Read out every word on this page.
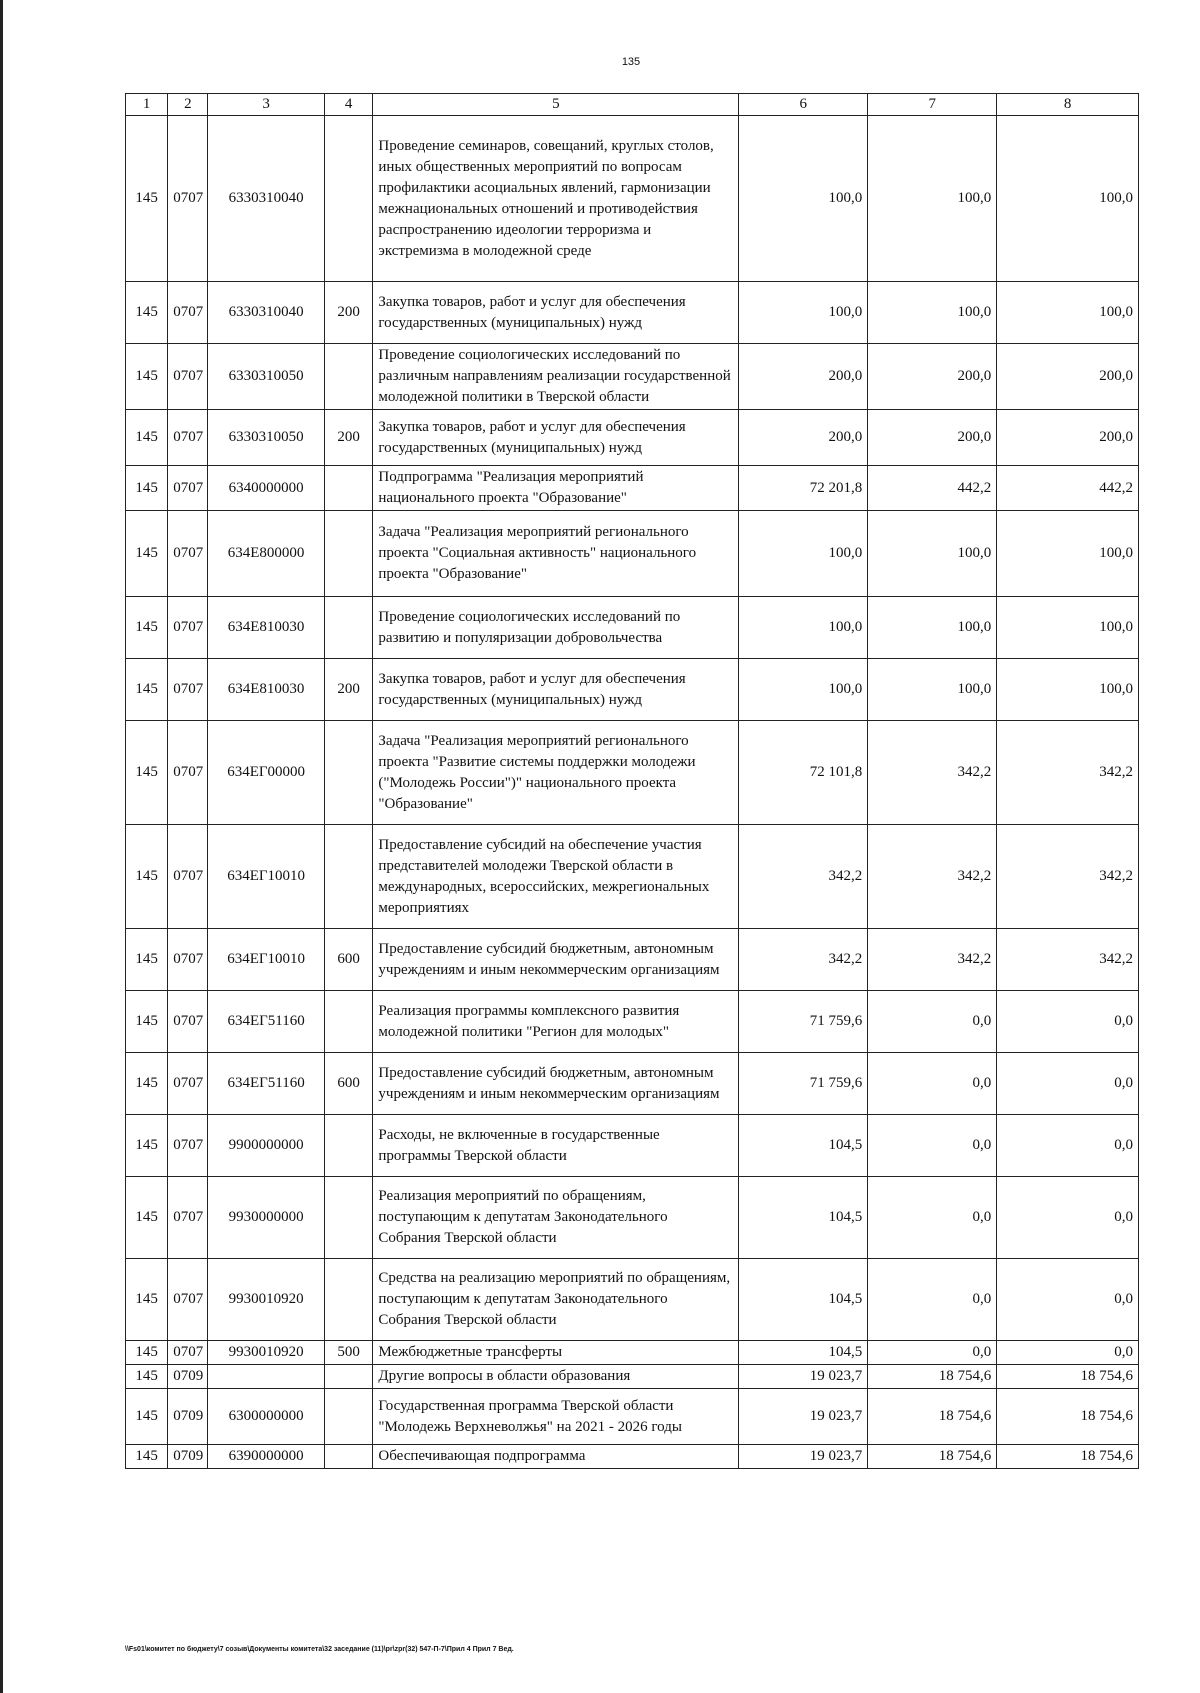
135
1	2	3	4	5	6	7	8
145	0707	6330310040		Проведение семинаров, совещаний, круглых столов, иных общественных мероприятий по вопросам профилактики асоциальных явлений, гармонизации межнациональных отношений и противодействия распространению идеологии терроризма и экстремизма в молодежной среде	100,0	100,0	100,0
145	0707	6330310040	200	Закупка товаров, работ и услуг для обеспечения государственных (муниципальных) нужд	100,0	100,0	100,0
145	0707	6330310050		Проведение социологических исследований по различным направлениям реализации государственной молодежной политики в Тверской области	200,0	200,0	200,0
145	0707	6330310050	200	Закупка товаров, работ и услуг для обеспечения государственных (муниципальных) нужд	200,0	200,0	200,0
145	0707	6340000000		Подпрограмма "Реализация мероприятий национального проекта "Образование"	72 201,8	442,2	442,2
145	0707	634Е800000		Задача "Реализация мероприятий регионального проекта "Социальная активность" национального проекта "Образование"	100,0	100,0	100,0
145	0707	634Е810030		Проведение социологических исследований по развитию и популяризации добровольчества	100,0	100,0	100,0
145	0707	634Е810030	200	Закупка товаров, работ и услуг для обеспечения государственных (муниципальных) нужд	100,0	100,0	100,0
145	0707	634ЕГ00000		Задача "Реализация мероприятий регионального проекта "Развитие системы поддержки молодежи ("Молодежь России")" национального проекта "Образование"	72 101,8	342,2	342,2
145	0707	634ЕГ10010		Предоставление субсидий на обеспечение участия представителей молодежи Тверской области в международных, всероссийских, межрегиональных мероприятиях	342,2	342,2	342,2
145	0707	634ЕГ10010	600	Предоставление субсидий бюджетным, автономным учреждениям и иным некоммерческим организациям	342,2	342,2	342,2
145	0707	634ЕГ51160		Реализация программы комплексного развития молодежной политики "Регион для молодых"	71 759,6	0,0	0,0
145	0707	634ЕГ51160	600	Предоставление субсидий бюджетным, автономным учреждениям и иным некоммерческим организациям	71 759,6	0,0	0,0
145	0707	9900000000		Расходы, не включенные в государственные программы Тверской области	104,5	0,0	0,0
145	0707	9930000000		Реализация мероприятий по обращениям, поступающим к депутатам Законодательного Собрания Тверской области	104,5	0,0	0,0
145	0707	9930010920		Средства на реализацию мероприятий по обращениям, поступающим к депутатам Законодательного Собрания Тверской области	104,5	0,0	0,0
145	0707	9930010920	500	Межбюджетные трансферты	104,5	0,0	0,0
145	0709			Другие вопросы в области образования	19 023,7	18 754,6	18 754,6
145	0709	6300000000		Государственная программа Тверской области "Молодежь Верхневолжья" на 2021 - 2026 годы	19 023,7	18 754,6	18 754,6
145	0709	6390000000		Обеспечивающая подпрограмма	19 023,7	18 754,6	18 754,6
\\Fs01\комитет по бюджету\7 созыв\Документы комитета\32 заседание (11)\pr\zpr(32) 547-П-7\Прил 4 Прил 7 Вед.
